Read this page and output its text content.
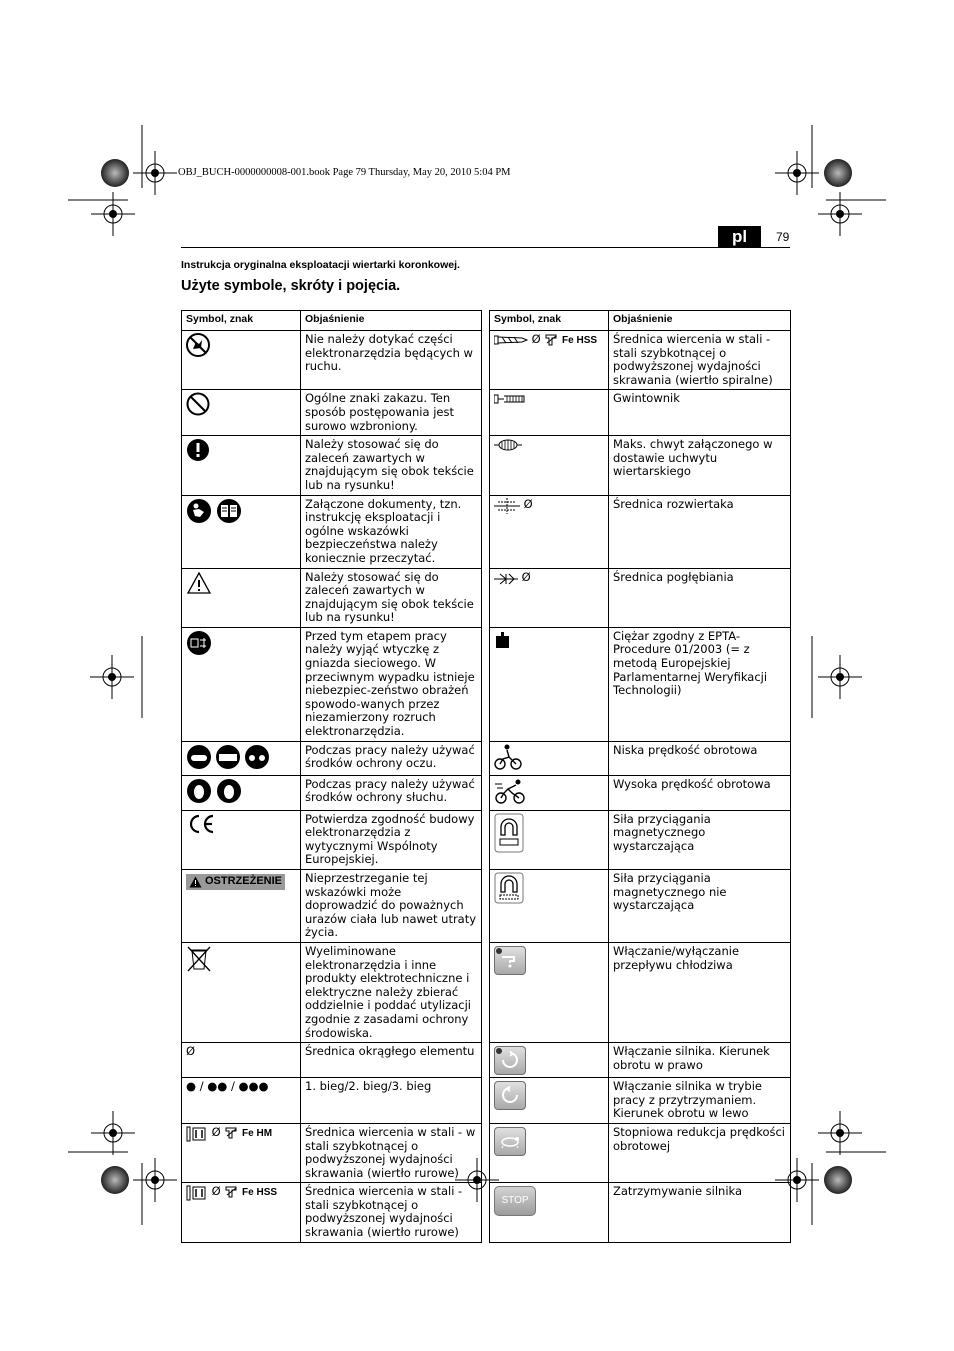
OBJ_BUCH-0000000008-001.book Page 79 Thursday, May 20, 2010 5:04 PM
pl	79
Instrukcja oryginalna eksploatacji wiertarki koronkowej.
Użyte symbole, skróty i pojęcia.
Symbol, znak	Objaśnienie		Symbol, znak	Objaśnienie
	Nie należy dotykać części elektronarzędzia będących w ruchu.		Ø Fe HSS	Średnica wiercenia w stali - stali szybkotnącej o podwyższonej wydajności skrawania (wiertło spiralne)
	Ogólne znaki zakazu. Ten sposób postępowania jest surowo wzbroniony.			Gwintownik
	Należy stosować się do zaleceń zawartych w znajdującym się obok tekście lub na rysunku!			Maks. chwyt załączonego w dostawie uchwytu wiertarskiego
	Załączone dokumenty, tzn. instrukcję eksploatacji i ogólne wskazówki bezpieczeństwa należy koniecznie przeczytać.		Ø	Średnica rozwiertaka
	Należy stosować się do zaleceń zawartych w znajdującym się obok tekście lub na rysunku!		Ø	Średnica pogłębiania
	Przed tym etapem pracy należy wyjąć wtyczkę z gniazda sieciowego. W przeciwnym wypadku istnieje niebezpiec-zeństwo obrażeń spowodo-wanych przez niezamierzony rozruch elektronarzędzia.			Ciężar zgodny z EPTA-Procedure 01/2003 (= z metodą Europejskiej Parlamentarnej Weryfikacji Technologii)
	Podczas pracy należy używać środków ochrony oczu.			Niska prędkość obrotowa
	Podczas pracy należy używać środków ochrony słuchu.			Wysoka prędkość obrotowa
	Potwierdza zgodność budowy elektronarzędzia z wytycznymi Wspólnoty Europejskiej.			Siła przyciągania magnetycznego wystarczająca

OSTRZEŻENIE	Nieprzestrzeganie tej wskazówki może doprowadzić do poważnych urazów ciała lub nawet utraty życia.			Siła przyciągania magnetycznego nie wystarczająca
	Wyeliminowane elektronarzędzia i inne produkty elektrotechniczne i elektryczne należy zbierać oddzielnie i poddać utylizacji zgodnie z zasadami ochrony środowiska.			Włączanie/wyłączanie przepływu chłodziwa
Ø	Średnica okrągłego elementu			Włączanie silnika. Kierunek obrotu w prawo
● / ●● / ●●●	1. bieg/2. bieg/3. bieg			Włączanie silnika w trybie pracy z przytrzymaniem. Kierunek obrotu w lewo
Ø Fe HM	Średnica wiercenia w stali - w stali szybkotnącej o podwyższonej wydajności skrawania (wiertło rurowe)			Stopniowa redukcja prędkości obrotowej
Ø Fe HSS	Średnica wiercenia w stali - stali szybkotnącej o podwyższonej wydajności skrawania (wiertło rurowe)		STOP	Zatrzymywanie silnika
